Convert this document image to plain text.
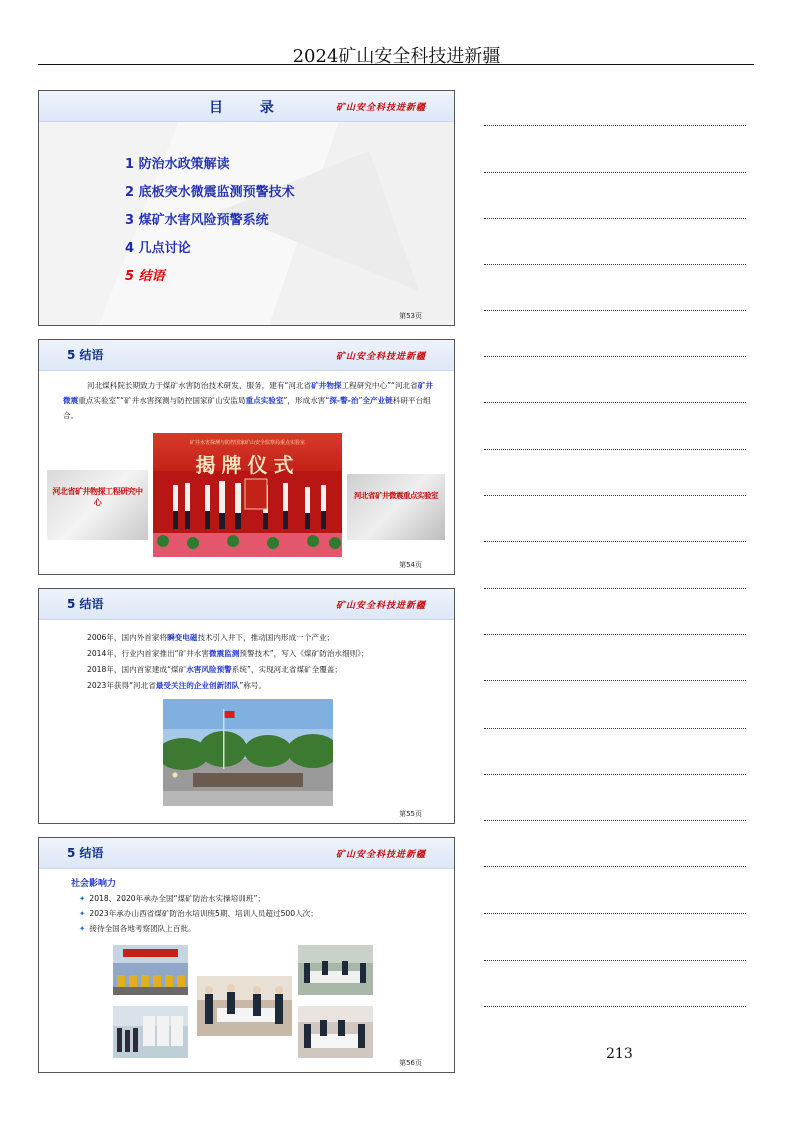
2024矿山安全科技进新疆
目 录	矿山安全科技进新疆
1 防治水政策解读
2 底板突水微震监测预警技术
3 煤矿水害风险预警系统
4 几点讨论
5 结语
第53页
5 结语	矿山安全科技进新疆
河北煤科院长期致力于煤矿水害防治技术研发、服务，建有“河北省矿井物探工程研究中心”“河北省矿井微震重点实验室”“矿井水害探测与防控国家矿山安监局重点实验室”，形成水害“探-警-治”全产业链科研平台组合。
河北省矿井物探工程研究中心
矿井水害探测与防控国家矿山安全监察局重点实验室
揭牌仪式
河北省矿井微震重点实验室
第54页
5 结语	矿山安全科技进新疆
2006年，国内外首家将瞬变电磁技术引入井下，推动国内形成一个产业；
2014年，行业内首家推出“矿井水害微震监测预警技术”，写入《煤矿防治水细则》；
2018年，国内首家建成“煤矿水害风险预警系统”，实现河北省煤矿全覆盖；
2023年获得“河北省最受关注的企业创新团队”称号。
第55页
5 结语	矿山安全科技进新疆
社会影响力
✦ 2018、2020年承办全国“煤矿防治水实操培训班”；
✦ 2023年承办山西省煤矿防治水培训班5期、培训人员超过500人次；
✦ 接待全国各地考察团队上百批。
第56页
213
